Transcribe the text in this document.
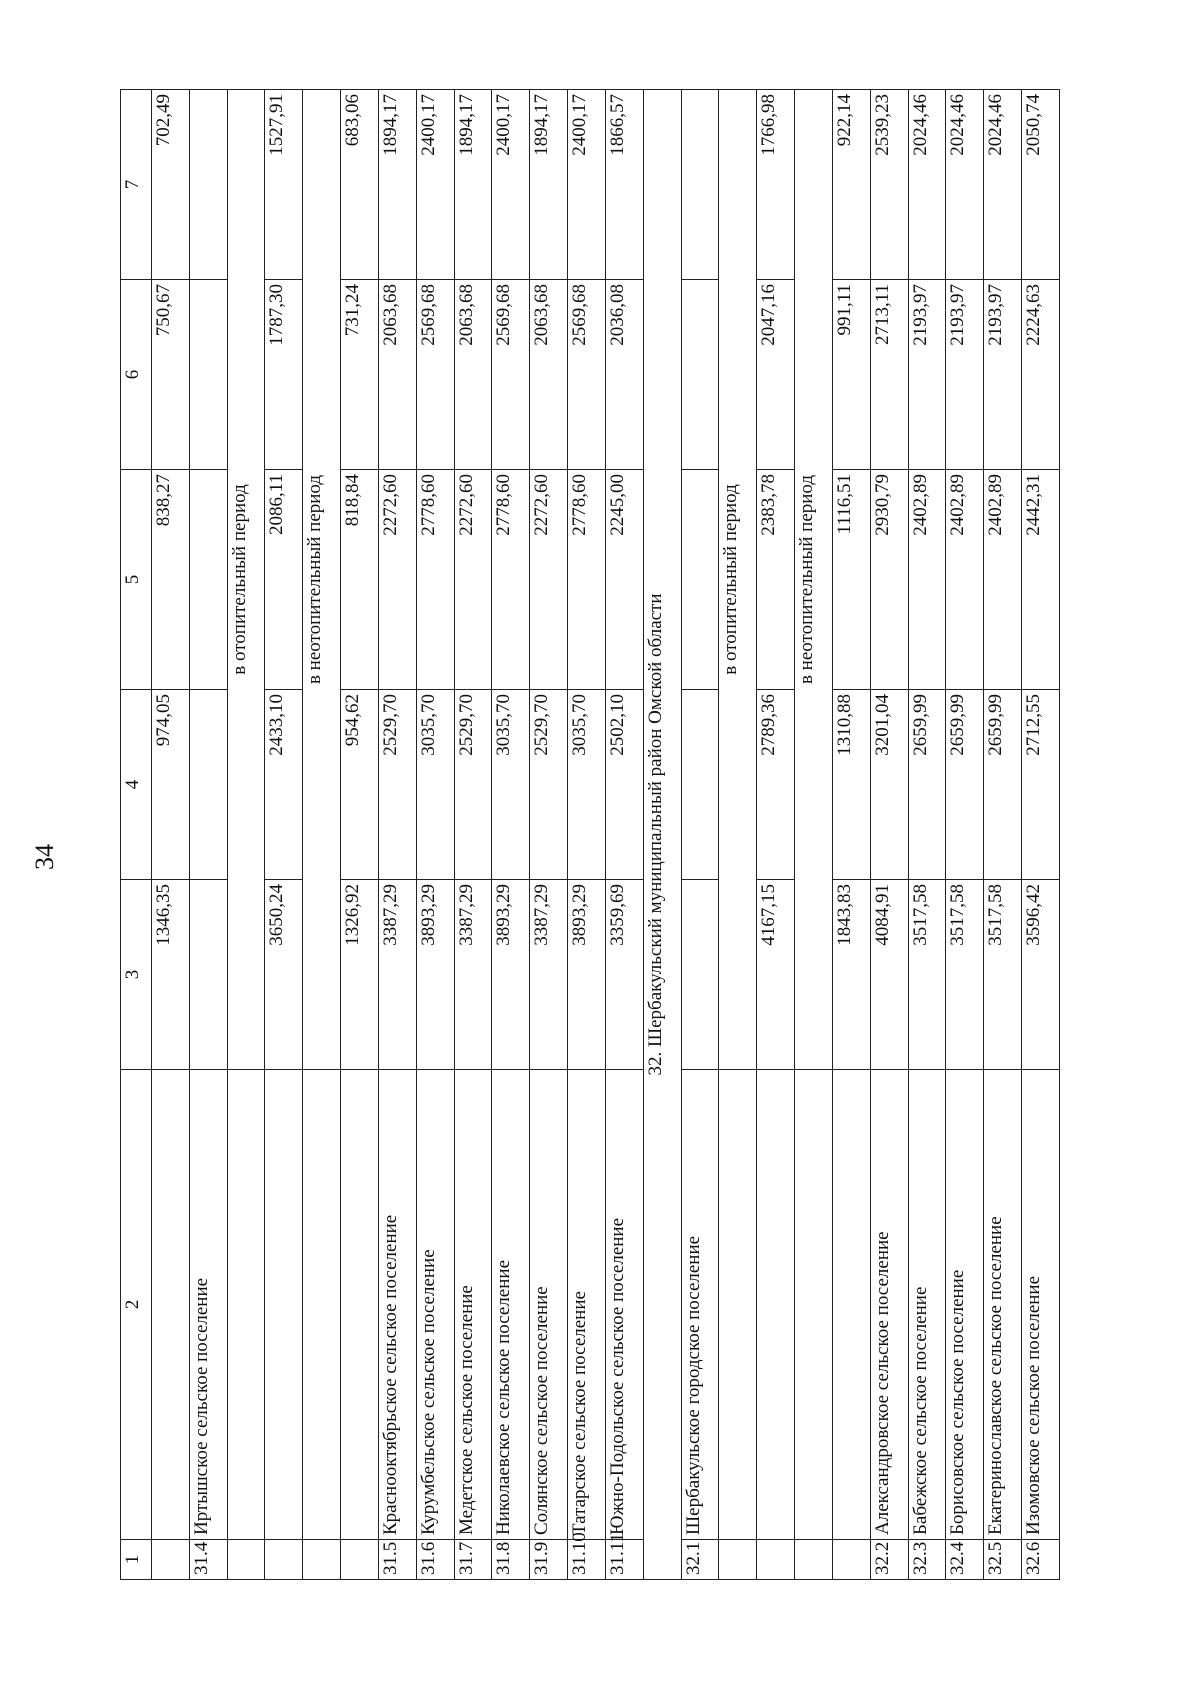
34
1	2	3	4	5	6	7
		1346,35	974,05	838,27	750,67	702,49
31.4	Иртышское сельское поселение					
		в отопительный период				
		3650,24	2433,10	2086,11	1787,30	1527,91
		в неотопительный период				
		1326,92	954,62	818,84	731,24	683,06
31.5	Красноoктябрьское сельское поселение	3387,29	2529,70	2272,60	2063,68	1894,17
31.6	Курумбельское сельское поселение	3893,29	3035,70	2778,60	2569,68	2400,17
31.7	Медетское сельское поселение	3387,29	2529,70	2272,60	2063,68	1894,17
31.8	Николаевское сельское поселение	3893,29	3035,70	2778,60	2569,68	2400,17
31.9	Солянское сельское поселение	3387,29	2529,70	2272,60	2063,68	1894,17
31.10	Татарское сельское поселение	3893,29	3035,70	2778,60	2569,68	2400,17
31.11	Южно-Подольское сельское поселение	3359,69	2502,10	2245,00	2036,08	1866,57
32. Шербакульский муниципальный район Омской области						
32.1	Шербакульское городское поселение					
		в отопительный период				
		4167,15	2789,36	2383,78	2047,16	1766,98
		в неотопительный период				
		1843,83	1310,88	1116,51	991,11	922,14
32.2	Александровское сельское поселение	4084,91	3201,04	2930,79	2713,11	2539,23
32.3	Бабежское сельское поселение	3517,58	2659,99	2402,89	2193,97	2024,46
32.4	Борисовское сельское поселение	3517,58	2659,99	2402,89	2193,97	2024,46
32.5	Екатеринославское сельское поселение	3517,58	2659,99	2402,89	2193,97	2024,46
32.6	Изомовское сельское поселение	3596,42	2712,55	2442,31	2224,63	2050,74
